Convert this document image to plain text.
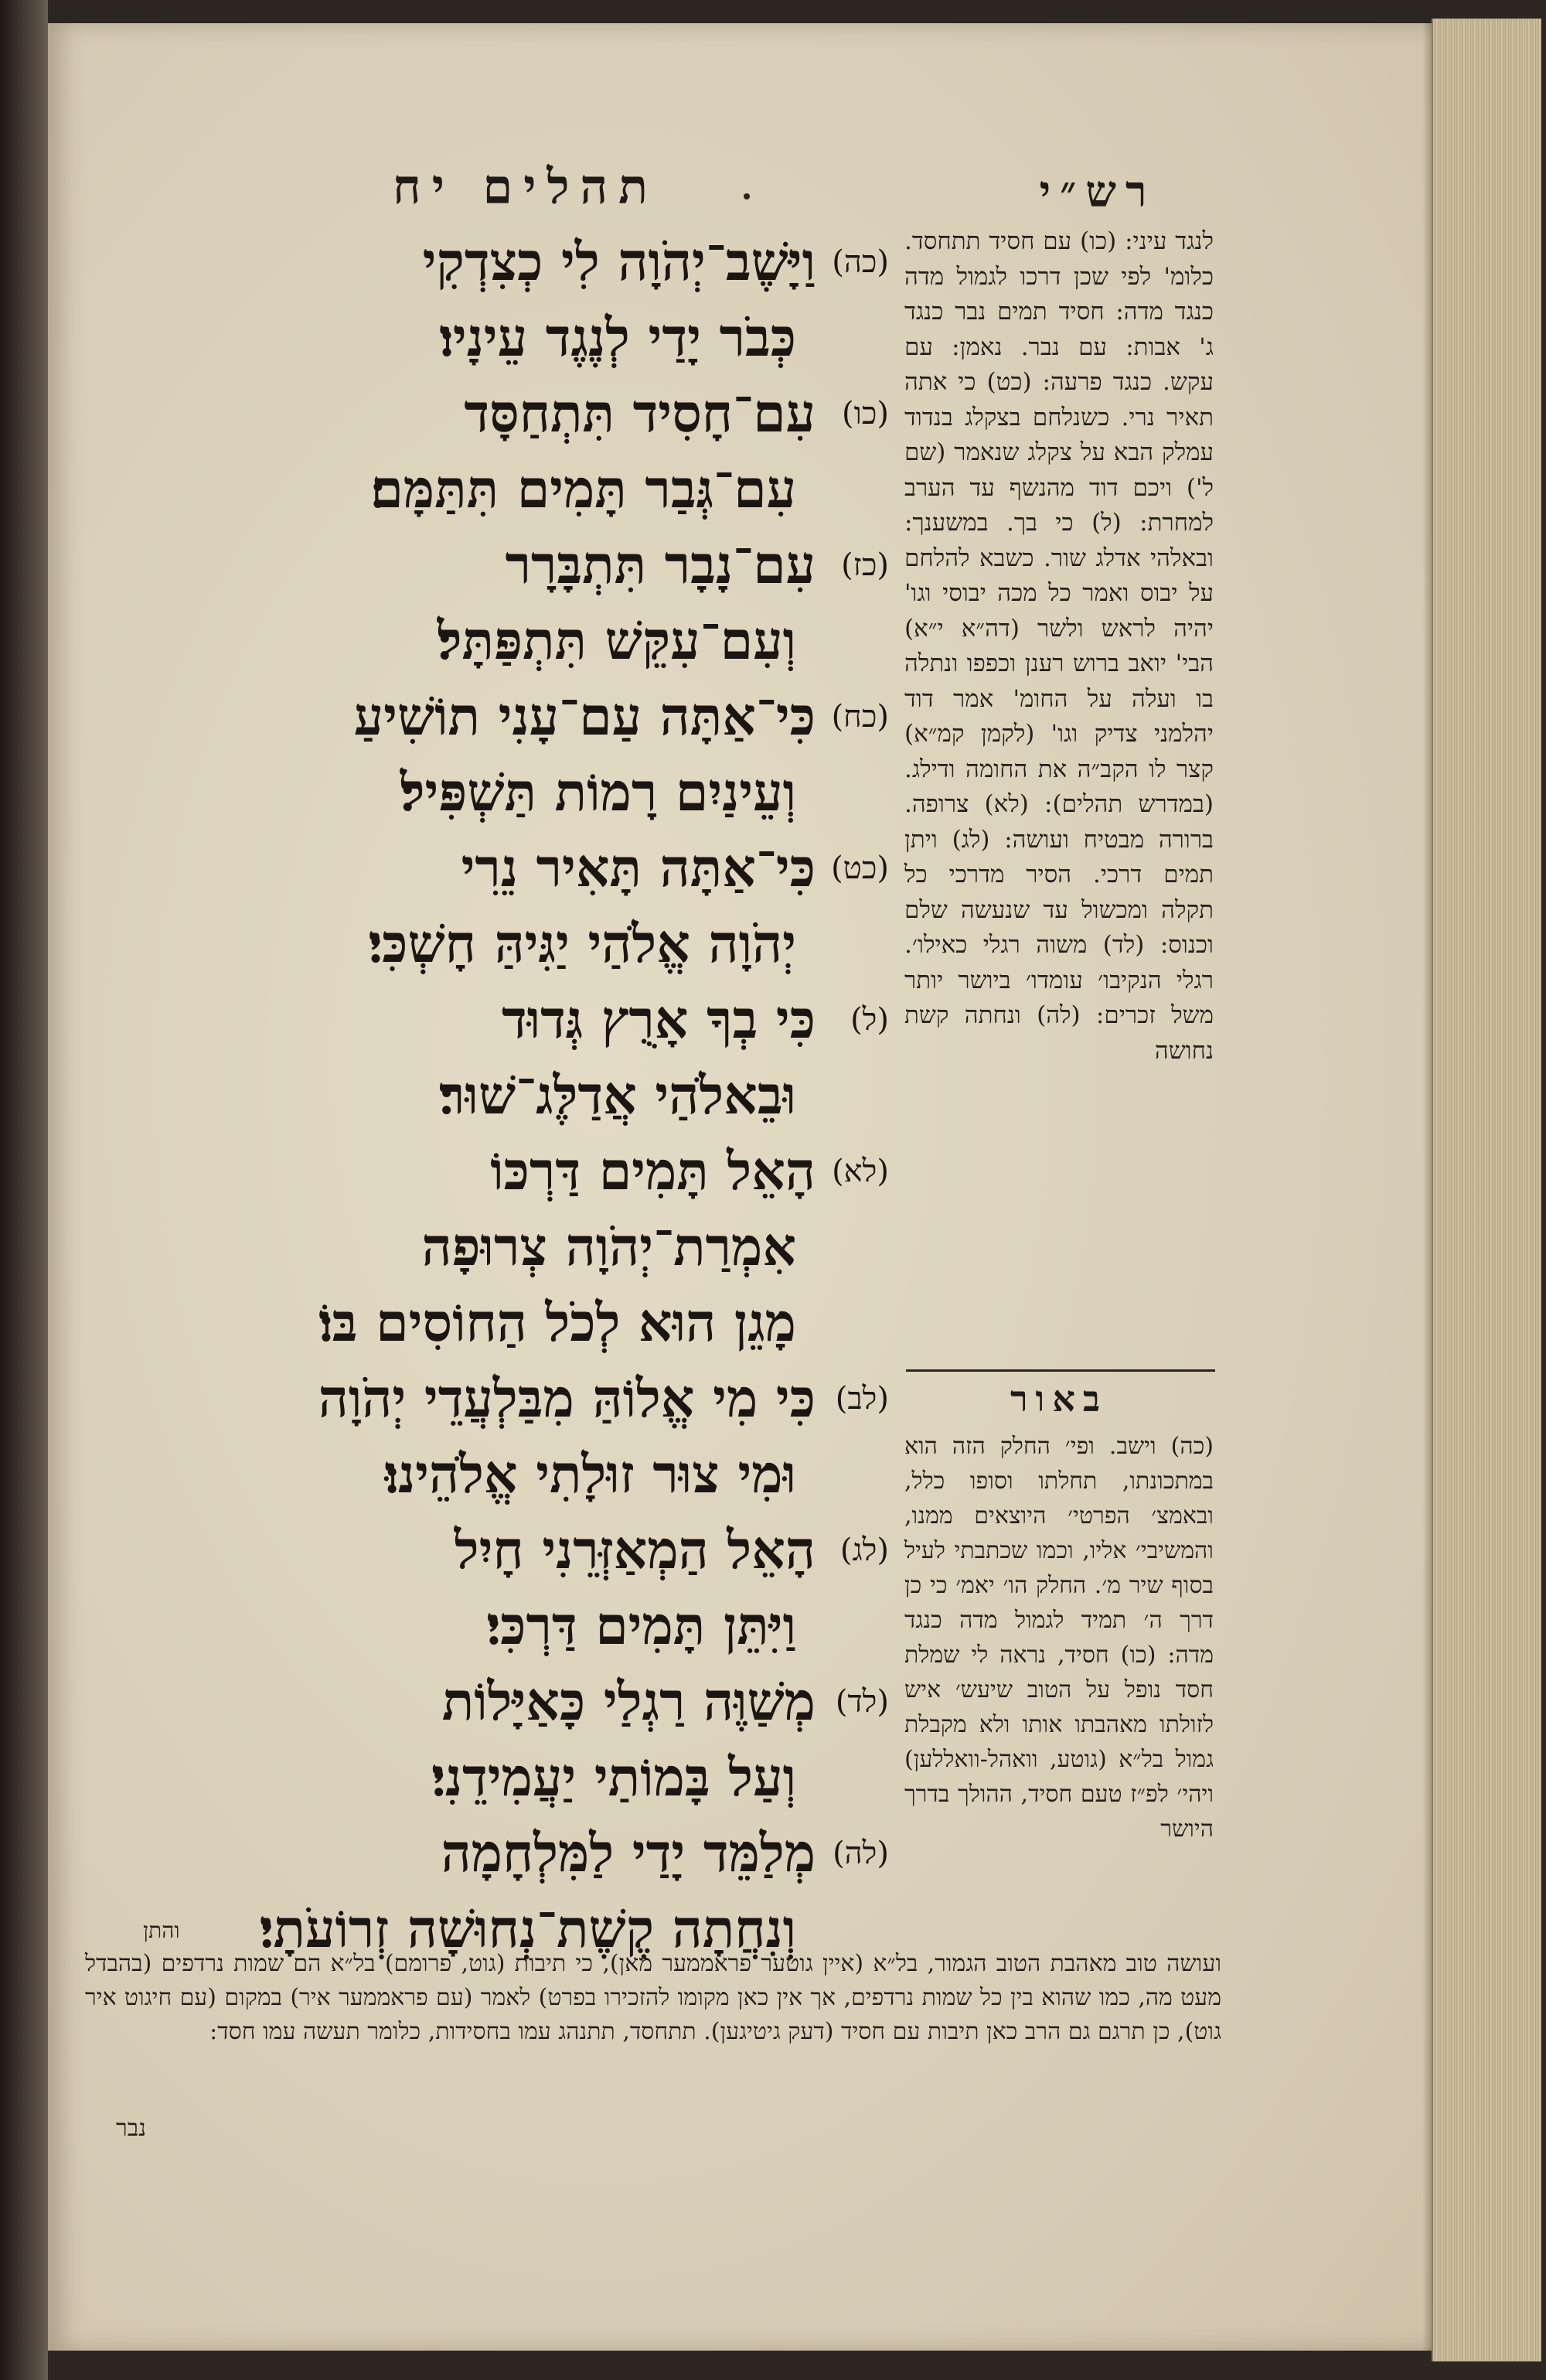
תהלים יח	רש״י
(כה)
וַיָּשֶׁב־יְהֹוָה לִי כְצִדְקִי
כְּבֹר יָדַי לְנֶגֶד עֵינָיו׃
(כו)
עִם־חָסִיד תִּתְחַסָּד
עִם־גְּבַר תָּמִים תִּתַּמָּם׃
(כז)
עִם־נָבָר תִּתְבָּרָר
וְעִם־עִקֵּשׁ תִּתְפַּתָּל׃
(כח)
כִּי־אַתָּה עַם־עָנִי תוֹשִׁיעַ
וְעֵינַיִם רָמוֹת תַּשְׁפִּיל׃
(כט)
כִּי־אַתָּה תָּאִיר נֵרִי
יְהֹוָה אֱלֹהַי יַגִּיהַּ חָשְׁכִּי׃
(ל)
כִּי בְךָ אָרֻץ גְּדוּד
וּבֵאלֹהַי אֲדַלֶּג־שׁוּר׃
(לא)
הָאֵל תָּמִים דַּרְכּוֹ
אִמְרַת־יְהֹוָה צְרוּפָה
מָגֵן הוּא לְכֹל הַחוֹסִים בּוֹ׃
(לב)
כִּי מִי אֱלוֹהַּ מִבַּלְעֲדֵי יְהֹוָה
וּמִי צוּר זוּלָתִי אֱלֹהֵינוּ׃
(לג)
הָאֵל הַמְאַזְּרֵנִי חָיִל
וַיִּתֵּן תָּמִים דַּרְכִּי׃
(לד)
מְשַׁוֶּה רַגְלַי כָּאַיָּלוֹת
וְעַל בָּמוֹתַי יַעֲמִידֵנִי׃
(לה)
מְלַמֵּד יָדַי לַמִּלְחָמָה
וְנִחֲתָה קֶשֶׁת־נְחוּשָׁה זְרוֹעֹתָי׃
לנגד עיני: (כו) עם חסיד תתחסד. כלומ' לפי שכן דרכו לגמול מדה כנגד מדה: חסיד תמים נבר כנגד ג' אבות: עם נבר. נאמן: עם עקש. כנגד פרעה: (כט) כי אתה תאיר נרי. כשנלחם בצקלג בנדוד עמלק הבא על צקלג שנאמר (שם ל') ויכם דוד מהנשף עד הערב למחרת: (ל) כי בך. במשענך: ובאלהי אדלג שור. כשבא להלחם על יבוס ואמר כל מכה יבוסי וגו' יהיה לראש ולשר (דה״א י״א) הבי' יואב ברוש רענן וכפפו ונתלה בו ועלה על החומ' אמר דוד יהלמני צדיק וגו' (לקמן קמ״א) קצר לו הקב״ה את החומה ודילג. (במדרש תהלים): (לא) צרופה. ברורה מבטיח ועושה: (לג) ויתן תמים דרכי. הסיר מדרכי כל תקלה ומכשול עד שנעשה שלם וכנוס: (לד) משוה רגלי כאילו׳. רגלי הנקיבו׳ עומדו׳ ביושר יותר משל זכרים: (לה) ונחתה קשת נחושה
באור
(כה) וישב. ופי׳ החלק הזה הוא במתכונתו, תחלתו וסופו כלל, ובאמצ׳ הפרטי׳ היוצאים ממנו, והמשיבי׳ אליו, וכמו שכתבתי לעיל בסוף שיר מ׳. החלק הו׳ יאמ׳ כי כן דרך ה׳ תמיד לגמול מדה כנגד מדה: (כו) חסיד, נראה לי שמלת חסד נופל על הטוב שיעש׳ איש לזולתו מאהבתו אותו ולא מקבלת גמול בל״א (גוטע, וואהל-וואללען) ויהי׳ לפ״ז טעם חסיד, ההולך בדרך היושר
והתן
ועושה טוב מאהבת הטוב הגמור, בל״א (איין גוטער פראממער מאן), כי תיבות (גוט, פרומם) בל״א הם שמות נרדפים (בהבדל מעט מה, כמו שהוא בין כל שמות נרדפים, אך אין כאן מקומו להזכירו בפרט) לאמר (עם פראממער איר) במקום (עם חיגוט איר גוט), כן תרגם גם הרב כאן תיבות עם חסיד (דעק גיטיגען). תתחסד, תתנהג עמו בחסידות, כלומר תעשה עמו חסד:
נבר
